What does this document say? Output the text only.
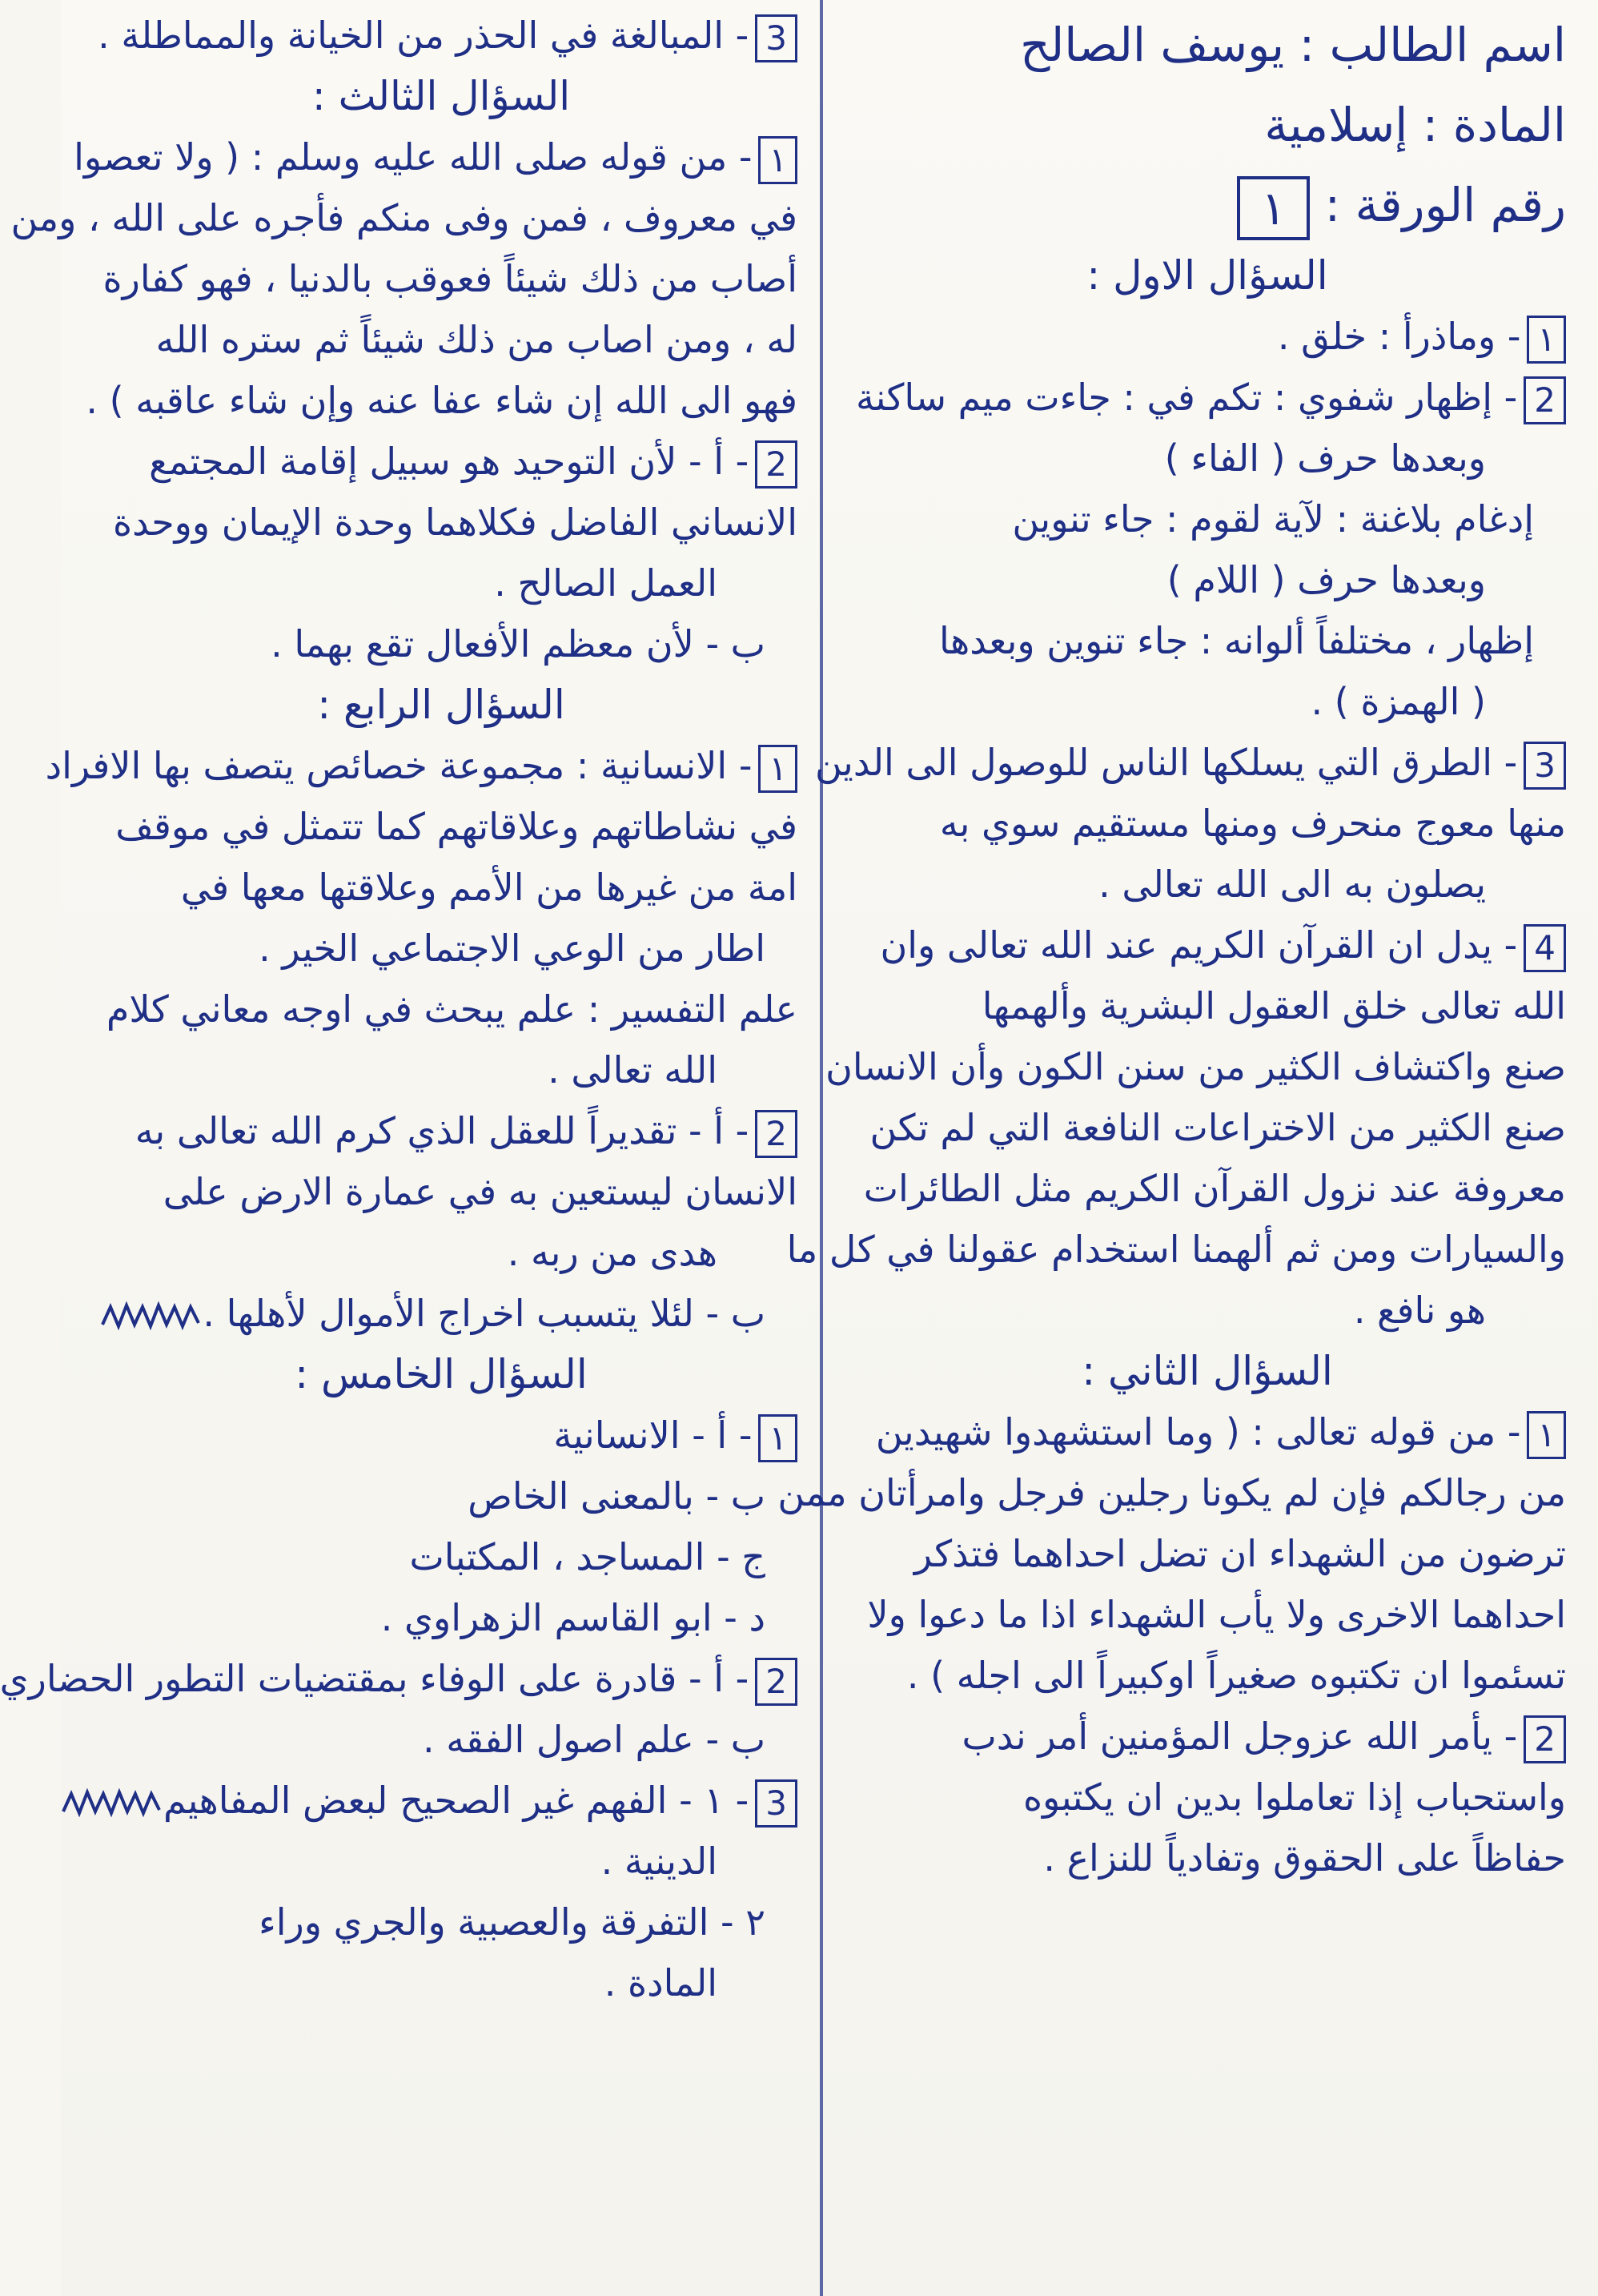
اسم الطالب : يوسف الصالح
المادة : إسلامية
رقم الورقة : ١
السؤال الاول :
١- وماذرأ : خلق .
2- إظهار شفوي : تكم في : جاءت ميم ساكنة
وبعدها حرف ( الفاء )
إدغام بلاغنة : لآية لقوم : جاء تنوين
وبعدها حرف ( اللام )
إظهار ، مختلفاً ألوانه : جاء تنوين وبعدها
( الهمزة ) .
3- الطرق التي يسلكها الناس للوصول الى الدين
منها معوج منحرف ومنها مستقيم سوي به
يصلون به الى الله تعالى .
4- يدل ان القرآن الكريم عند الله تعالى وان
الله تعالى خلق العقول البشرية وألهمها
صنع واكتشاف الكثير من سنن الكون وأن الانسان
صنع الكثير من الاختراعات النافعة التي لم تكن
معروفة عند نزول القرآن الكريم مثل الطائرات
والسيارات ومن ثم ألهمنا استخدام عقولنا في كل ما
هو نافع .
السؤال الثاني :
١- من قوله تعالى : ( وما استشهدوا شهيدين
من رجالكم فإن لم يكونا رجلين فرجل وامرأتان ممن
ترضون من الشهداء ان تضل احداهما فتذكر
احداهما الاخرى ولا يأب الشهداء اذا ما دعوا ولا
تسئموا ان تكتبوه صغيراً اوكبيراً الى اجله ) .
2- يأمر الله عزوجل المؤمنين أمر ندب
واستحباب إذا تعاملوا بدين ان يكتبوه
حفاظاً على الحقوق وتفادياً للنزاع .
3- المبالغة في الحذر من الخيانة والمماطلة .
السؤال الثالث :
١- من قوله صلى الله عليه وسلم : ( ولا تعصوا
في معروف ، فمن وفى منكم فأجره على الله ، ومن
أصاب من ذلك شيئاً فعوقب بالدنيا ، فهو كفارة
له ، ومن اصاب من ذلك شيئاً ثم ستره الله
فهو الى الله إن شاء عفا عنه وإن شاء عاقبه ) .
2- أ - لأن التوحيد هو سبيل إقامة المجتمع
الانساني الفاضل فكلاهما وحدة الإيمان ووحدة
العمل الصالح .
ب - لأن معظم الأفعال تقع بهما .
السؤال الرابع :
١- الانسانية : مجموعة خصائص يتصف بها الافراد
في نشاطاتهم وعلاقاتهم كما تتمثل في موقف
امة من غيرها من الأمم وعلاقتها معها في
اطار من الوعي الاجتماعي الخير .
علم التفسير : علم يبحث في اوجه معاني كلام
الله تعالى .
2- أ - تقديراً للعقل الذي كرم الله تعالى به
الانسان ليستعين به في عمارة الارض على
هدى من ربه .
ب - لئلا يتسبب اخراج الأموال لأهلها .
السؤال الخامس :
١- أ - الانسانية
ب - بالمعنى الخاص
ج - المساجد ، المكتبات
د - ابو القاسم الزهراوي .
2- أ - قادرة على الوفاء بمقتضيات التطور الحضاري
ب - علم اصول الفقه .
3- ١ - الفهم غير الصحيح لبعض المفاهيم
الدينية .
٢ - التفرقة والعصبية والجري وراء
المادة .
